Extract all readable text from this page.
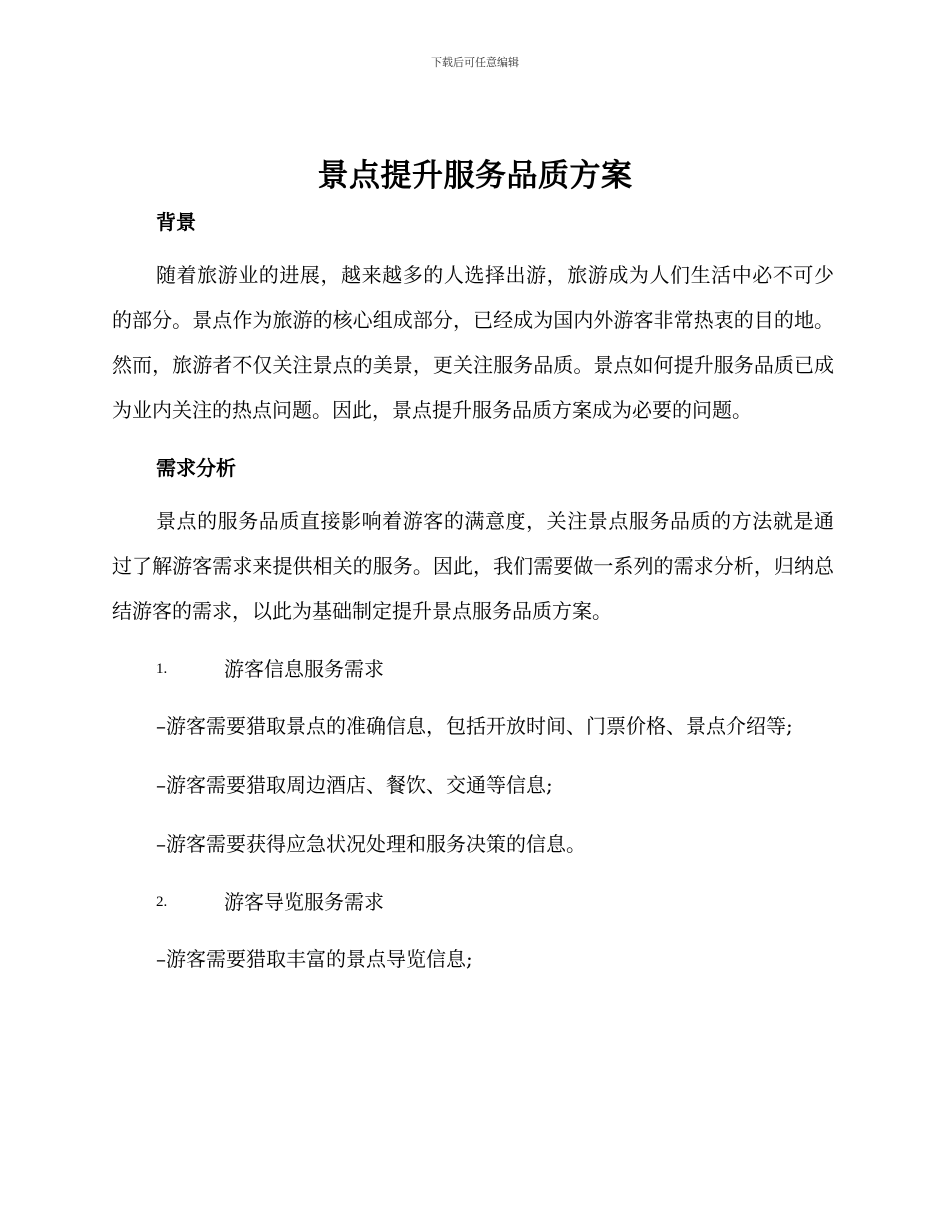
下载后可任意编辑
景点提升服务品质方案
背景

随着旅游业的进展，越来越多的人选择出游，旅游成为人们生活中必不可少的部分。景点作为旅游的核心组成部分，已经成为国内外游客非常热衷的目的地。然而，旅游者不仅关注景点的美景，更关注服务品质。景点如何提升服务品质已成为业内关注的热点问题。因此，景点提升服务品质方案成为必要的问题。

需求分析

景点的服务品质直接影响着游客的满意度，关注景点服务品质的方法就是通过了解游客需求来提供相关的服务。因此，我们需要做一系列的需求分析，归纳总结游客的需求，以此为基础制定提升景点服务品质方案。

1.	游客信息服务需求

–游客需要猎取景点的准确信息，包括开放时间、门票价格、景点介绍等;

–游客需要猎取周边酒店、餐饮、交通等信息;

–游客需要获得应急状况处理和服务决策的信息。

2.	游客导览服务需求

–游客需要猎取丰富的景点导览信息;
